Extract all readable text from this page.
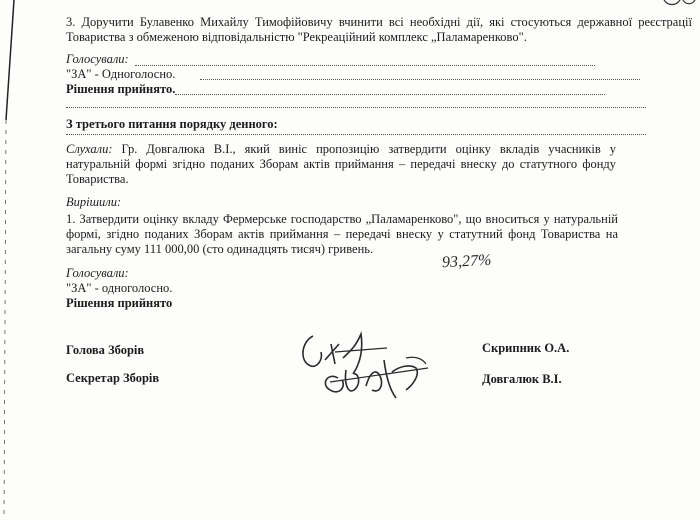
3. Доручити Булавенко Михайлу Тимофійовичу вчинити всі необхідні дії, які стосуються державної реєстрації Товариства з обмеженою відповідальністю "Рекреаційний комплекс „Паламаренково".
Голосували:
"ЗА" - Одноголосно.
Рішення прийнято.
З третього питання порядку денного:
Слухали: Гр. Довгалюка В.І., який виніс пропозицію затвердити оцінку вкладів учасників у натуральній формі згідно поданих Зборам актів приймання – передачі внеску до статутного фонду Товариства.
Вирішили:
1. Затвердити оцінку вкладу Фермерське господарство „Паламаренково", що вноситься у натуральній формі, згідно поданих Зборам актів приймання – передачі внеску у статутний фонд Товариства на загальну суму 111 000,00 (сто одинадцять тисяч) гривень.
93,27%
Голосували:
"ЗА" - одноголосно.
Рішення прийнято
Голова Зборів	Скрипник О.А.
Секретар Зборів	Довгалюк В.І.
